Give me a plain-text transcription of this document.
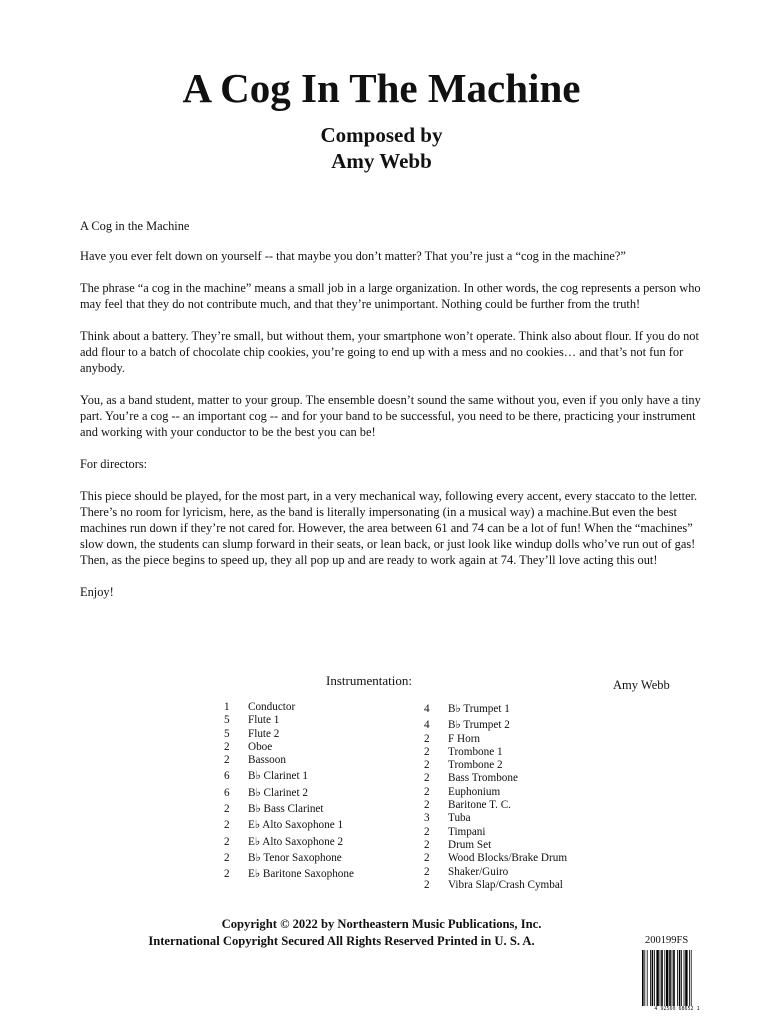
A Cog In The Machine
Composed by
Amy Webb

A Cog in the Machine

Have you ever felt down on yourself -- that maybe you don’t matter? That you’re just a “cog in the machine?”

The phrase “a cog in the machine” means a small job in a large organization. In other words, the cog represents a person who may feel that they do not contribute much, and that they’re unimportant. Nothing could be further from the truth!

Think about a battery. They’re small, but without them, your smartphone won’t operate. Think also about flour. If you do not add flour to a batch of chocolate chip cookies, you’re going to end up with a mess and no cookies… and that’s not fun for anybody.

You, as a band student, matter to your group. The ensemble doesn’t sound the same without you, even if you only have a tiny part. You’re a cog -- an important cog -- and for your band to be successful, you need to be there, practicing your instrument and working with your conductor to be the best you can be!

For directors:

This piece should be played, for the most part, in a very mechanical way, following every accent, every staccato to the letter. There’s no room for lyricism, here, as the band is literally impersonating (in a musical way) a machine.But even the best machines run down if they’re not cared for. However, the area between 61 and 74 can be a lot of fun! When the “machines” slow down, the students can slump forward in their seats, or lean back, or just look like windup dolls who’ve run out of gas! Then, as the piece begins to speed up, they all pop up and are ready to work again at 74. They’ll love acting this out!

Enjoy!

Instrumentation:	Amy Webb
1	Conductor
5	Flute 1
5	Flute 2
2	Oboe
2	Bassoon
6	B♭ Clarinet 1
6	B♭ Clarinet 2
2	B♭ Bass Clarinet
2	E♭ Alto Saxophone 1
2	E♭ Alto Saxophone 2
2	B♭ Tenor Saxophone
2	E♭ Baritone Saxophone
4	B♭ Trumpet 1
4	B♭ Trumpet 2
2	F Horn
2	Trombone 1
2	Trombone 2
2	Bass Trombone
2	Euphonium
2	Baritone T. C.
3	Tuba
2	Timpani
2	Drum Set
2	Wood Blocks/Brake Drum
2	Shaker/Guiro
2	Vibra Slap/Crash Cymbal
Copyright © 2022 by Northeastern Music Publications, Inc.
International Copyright Secured All Rights Reserved Printed in U. S. A.	200199FS
4 92560 68652 1
